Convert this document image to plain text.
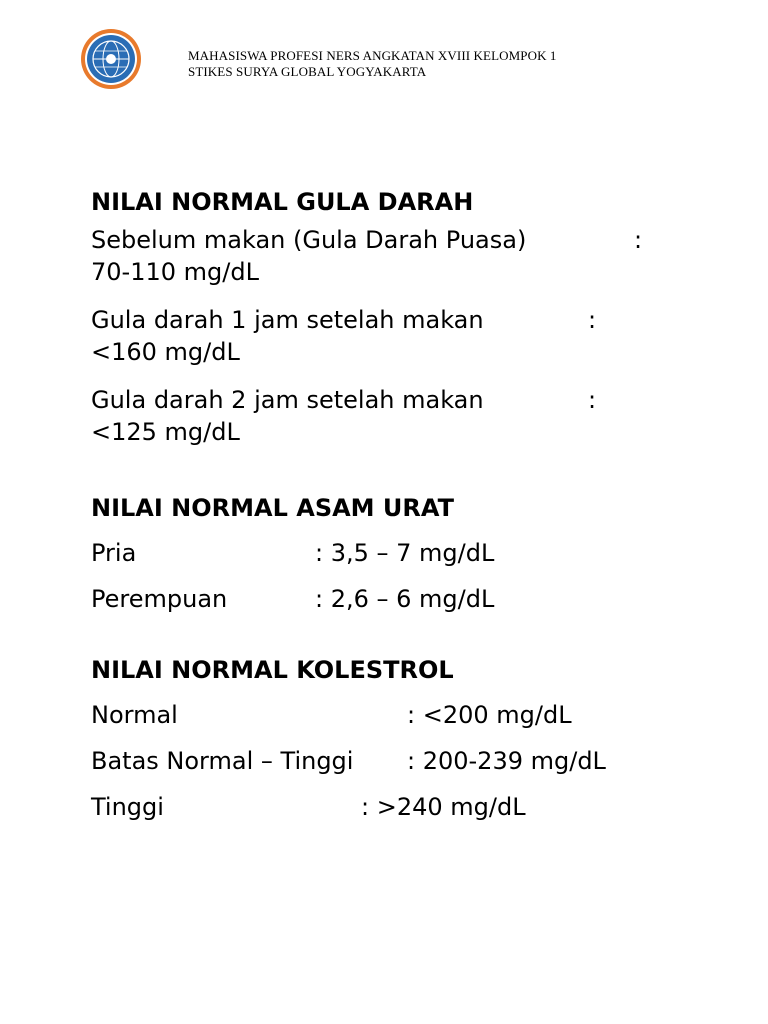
MAHASISWA PROFESI NERS ANGKATAN XVIII KELOMPOK 1
STIKES SURYA GLOBAL YOGYAKARTA
NILAI NORMAL GULA DARAH
Sebelum makan (Gula Darah Puasa)	:
70-110 mg/dL
Gula darah 1 jam setelah makan	:
<160 mg/dL
Gula darah 2 jam setelah makan	:
<125 mg/dL
NILAI NORMAL ASAM URAT
Pria	: 3,5 – 7 mg/dL
Perempuan	: 2,6 – 6 mg/dL
NILAI NORMAL KOLESTROL
Normal	: <200 mg/dL
Batas Normal – Tinggi : 200-239 mg/dL
Tinggi	: >240 mg/dL
